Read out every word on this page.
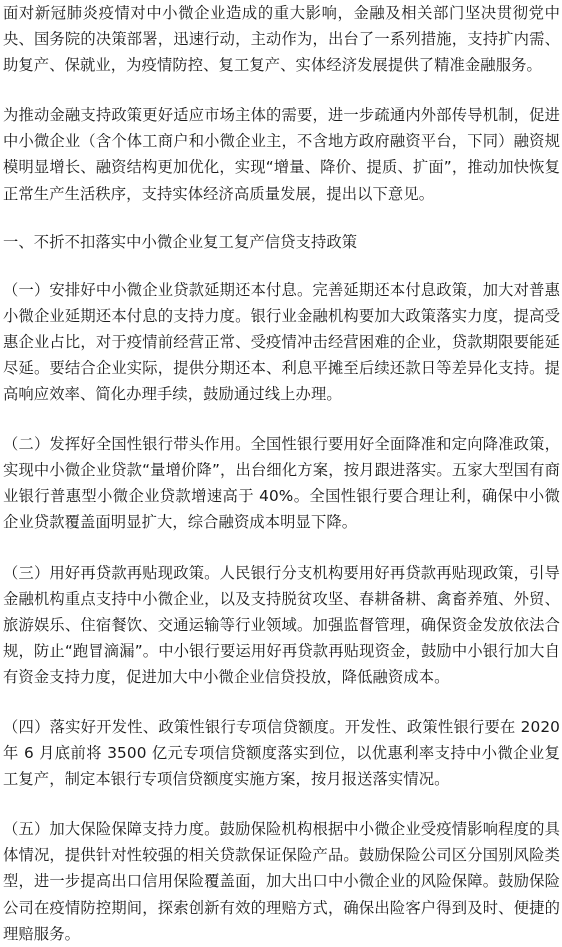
面对新冠肺炎疫情对中小微企业造成的重大影响，金融及相关部门坚决贯彻党中央、国务院的决策部署，迅速行动，主动作为，出台了一系列措施，支持扩内需、助复产、保就业，为疫情防控、复工复产、实体经济发展提供了精准金融服务。

为推动金融支持政策更好适应市场主体的需要，进一步疏通内外部传导机制，促进中小微企业（含个体工商户和小微企业主，不含地方政府融资平台，下同）融资规模明显增长、融资结构更加优化，实现“增量、降价、提质、扩面”，推动加快恢复正常生产生活秩序，支持实体经济高质量发展，提出以下意见。

一、不折不扣落实中小微企业复工复产信贷支持政策

（一）安排好中小微企业贷款延期还本付息。完善延期还本付息政策，加大对普惠小微企业延期还本付息的支持力度。银行业金融机构要加大政策落实力度，提高受惠企业占比，对于疫情前经营正常、受疫情冲击经营困难的企业，贷款期限要能延尽延。要结合企业实际，提供分期还本、利息平摊至后续还款日等差异化支持。提高响应效率、简化办理手续，鼓励通过线上办理。

（二）发挥好全国性银行带头作用。全国性银行要用好全面降准和定向降准政策，实现中小微企业贷款“量增价降”，出台细化方案，按月跟进落实。五家大型国有商业银行普惠型小微企业贷款增速高于 40%。全国性银行要合理让利，确保中小微企业贷款覆盖面明显扩大，综合融资成本明显下降。

（三）用好再贷款再贴现政策。人民银行分支机构要用好再贷款再贴现政策，引导金融机构重点支持中小微企业，以及支持脱贫攻坚、春耕备耕、禽畜养殖、外贸、旅游娱乐、住宿餐饮、交通运输等行业领域。加强监督管理，确保资金发放依法合规，防止“跑冒滴漏”。中小银行要运用好再贷款再贴现资金，鼓励中小银行加大自有资金支持力度，促进加大中小微企业信贷投放，降低融资成本。

（四）落实好开发性、政策性银行专项信贷额度。开发性、政策性银行要在 2020 年 6 月底前将 3500 亿元专项信贷额度落实到位，以优惠利率支持中小微企业复工复产，制定本银行专项信贷额度实施方案，按月报送落实情况。

（五）加大保险保障支持力度。鼓励保险机构根据中小微企业受疫情影响程度的具体情况，提供针对性较强的相关贷款保证保险产品。鼓励保险公司区分国别风险类型，进一步提高出口信用保险覆盖面，加大出口中小微企业的风险保障。鼓励保险公司在疫情防控期间，探索创新有效的理赔方式，确保出险客户得到及时、便捷的理赔服务。
